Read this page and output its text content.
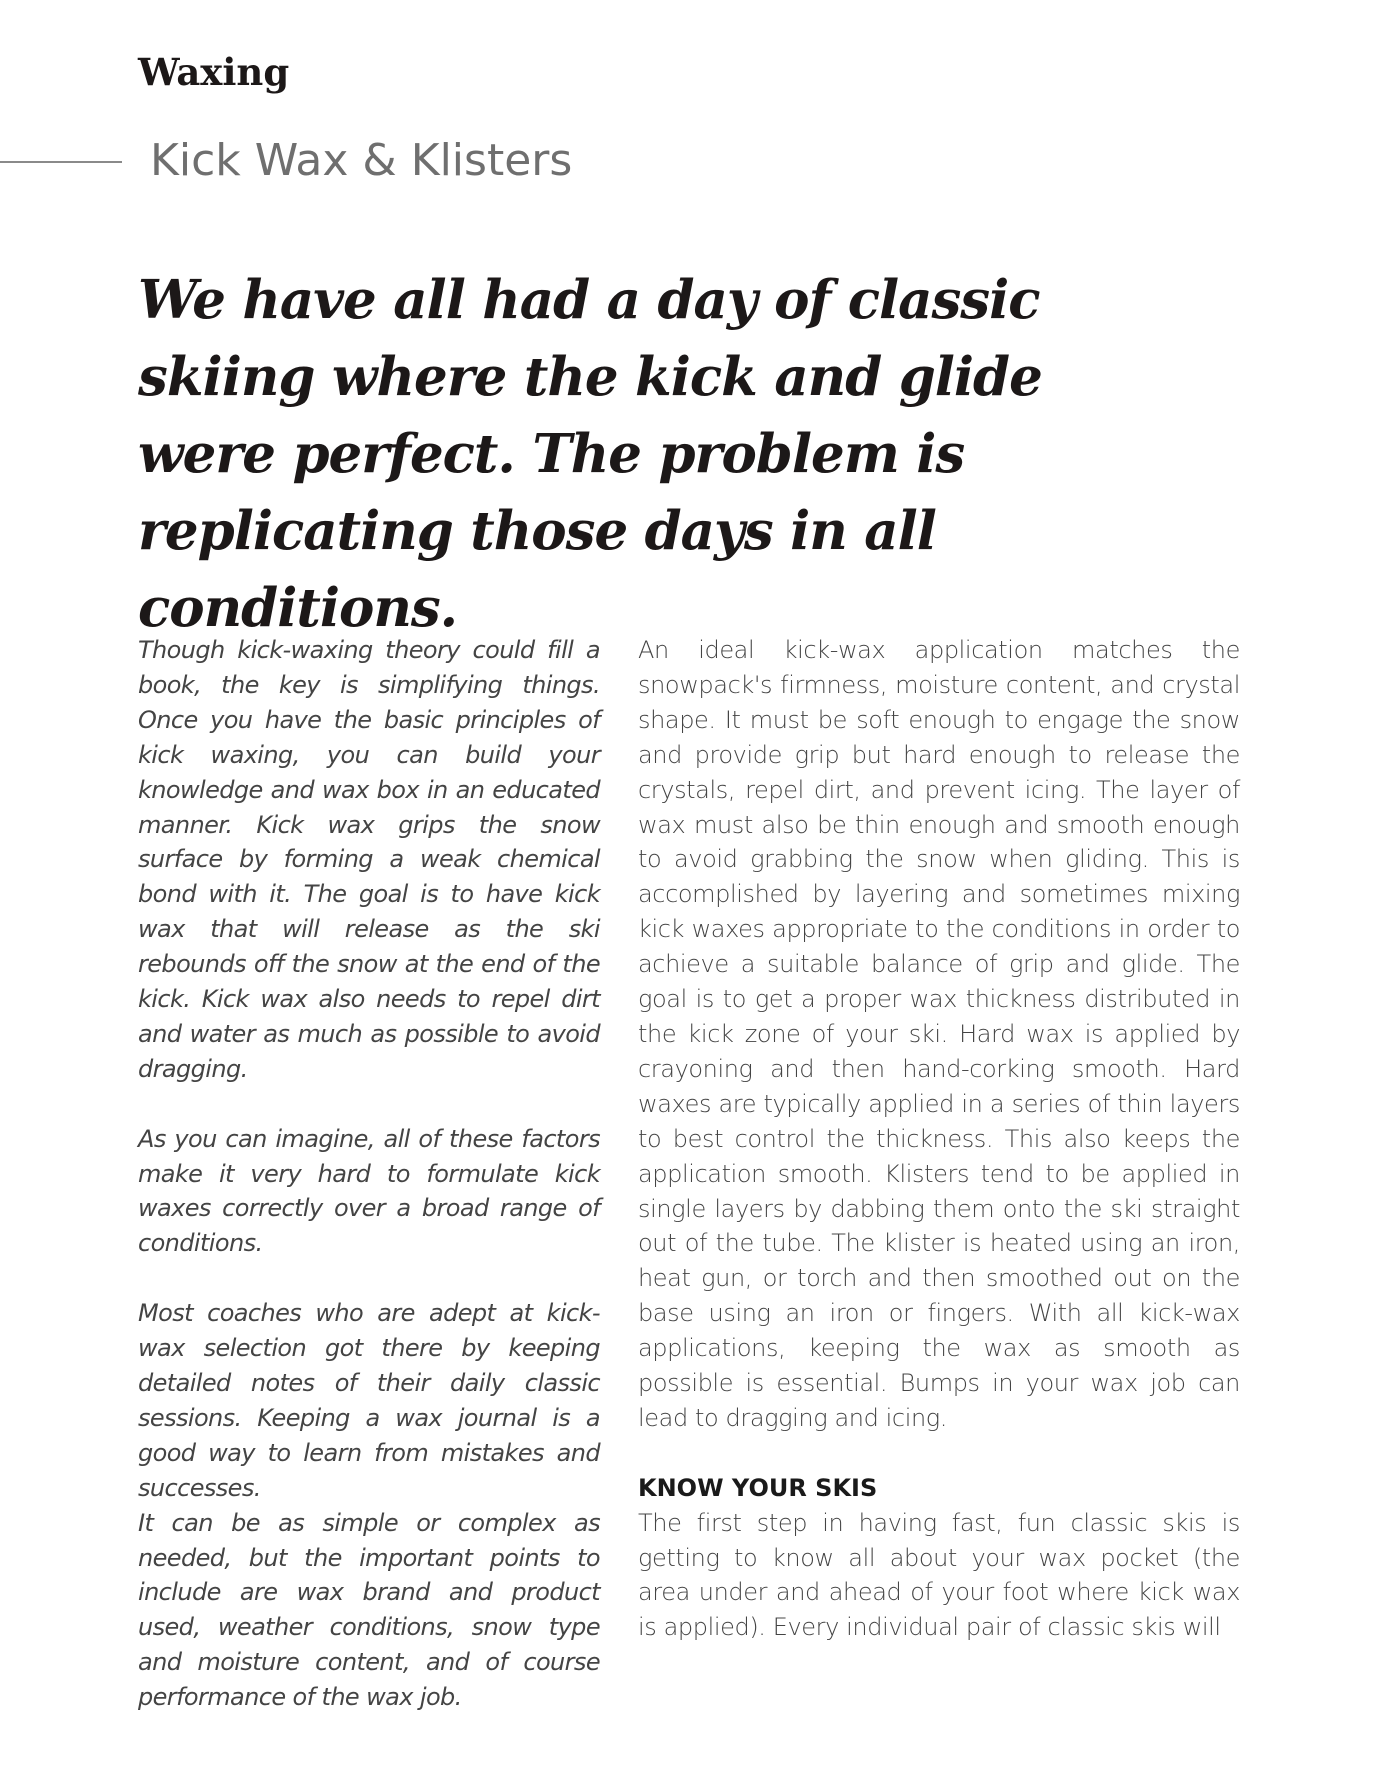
Waxing
Kick Wax & Klisters

We have all had a day of classic skiing where the kick and glide were perfect. The problem is replicating those days in all conditions.

Though kick-waxing theory could fill a book, the key is simplifying things. Once you have the basic principles of kick waxing, you can build your knowledge and wax box in an educated manner. Kick wax grips the snow surface by forming a weak chemical bond with it. The goal is to have kick wax that will release as the ski rebounds off the snow at the end of the kick. Kick wax also needs to repel dirt and water as much as possible to avoid dragging.

As you can imagine, all of these factors make it very hard to formulate kick waxes correctly over a broad range of conditions.

Most coaches who are adept at kick-wax selection got there by keeping detailed notes of their daily classic sessions. Keeping a wax journal is a good way to learn from mistakes and successes.

It can be as simple or complex as needed, but the important points to include are wax brand and product used, weather conditions, snow type and moisture content, and of course performance of the wax job.

An ideal kick-wax application matches the snowpack's firmness, moisture content, and crystal shape. It must be soft enough to engage the snow and provide grip but hard enough to release the crystals, repel dirt, and prevent icing. The layer of wax must also be thin enough and smooth enough to avoid grabbing the snow when gliding. This is accomplished by layering and sometimes mixing kick waxes appropriate to the conditions in order to achieve a suitable balance of grip and glide. The goal is to get a proper wax thickness distributed in the kick zone of your ski. Hard wax is applied by crayoning and then hand-corking smooth. Hard waxes are typically applied in a series of thin layers to best control the thickness. This also keeps the application smooth. Klisters tend to be applied in single layers by dabbing them onto the ski straight out of the tube. The klister is heated using an iron, heat gun, or torch and then smoothed out on the base using an iron or fingers. With all kick-wax applications, keeping the wax as smooth as possible is essential. Bumps in your wax job can lead to dragging and icing.

KNOW YOUR SKIS

The first step in having fast, fun classic skis is getting to know all about your wax pocket (the area under and ahead of your foot where kick wax is applied). Every individual pair of classic skis will
